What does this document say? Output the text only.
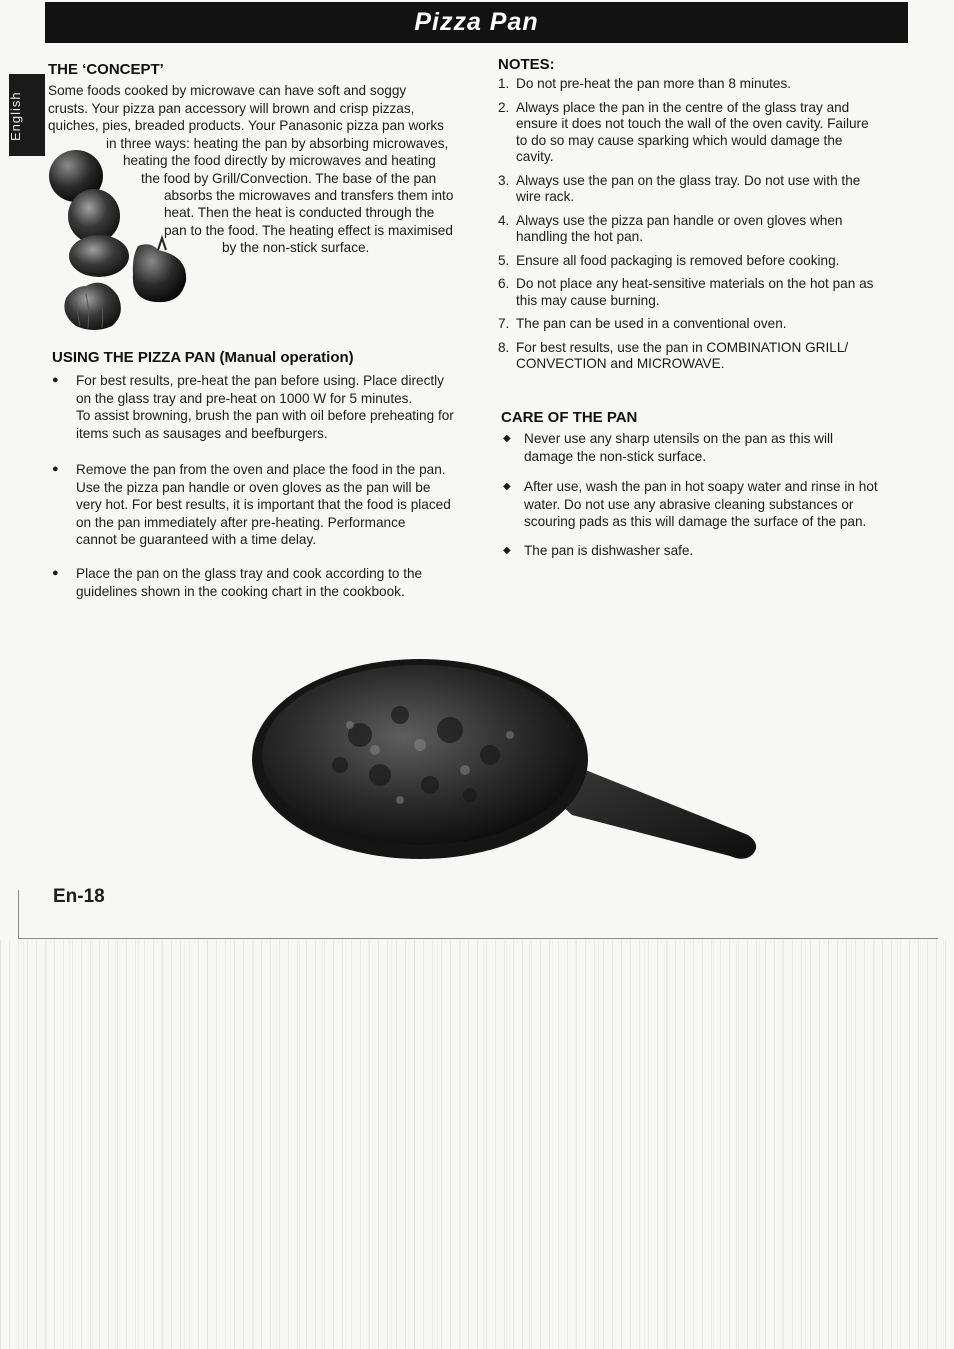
Pizza Pan
English
THE ‘CONCEPT’

Some foods cooked by microwave can have soft and soggy

crusts. Your pizza pan accessory will brown and crisp pizzas,

quiches, pies, breaded products. Your Panasonic pizza pan works

in three ways: heating the pan by absorbing microwaves,

heating the food directly by microwaves and heating

the food by Grill/Convection. The base of the pan

absorbs the microwaves and transfers them into

heat. Then the heat is conducted through the

pan to the food. The heating effect is maximised

by the non-stick surface.

USING THE PIZZA PAN (Manual operation)
● For best results, pre-heat the pan before using. Place directly
on the glass tray and pre-heat on 1000 W for 5 minutes.
To assist browning, brush the pan with oil before preheating for
items such as sausages and beefburgers.
● Remove the pan from the oven and place the food in the pan.
Use the pizza pan handle or oven gloves as the pan will be
very hot. For best results, it is important that the food is placed
on the pan immediately after pre-heating. Performance
cannot be guaranteed with a time delay.
● Place the pan on the glass tray and cook according to the
guidelines shown in the cooking chart in the cookbook.
NOTES:
1. Do not pre-heat the pan more than 8 minutes.
2. Always place the pan in the centre of the glass tray and
ensure it does not touch the wall of the oven cavity. Failure
to do so may cause sparking which would damage the
cavity.
3. Always use the pan on the glass tray. Do not use with the
wire rack.
4. Always use the pizza pan handle or oven gloves when
handling the hot pan.
5. Ensure all food packaging is removed before cooking.
6. Do not place any heat-sensitive materials on the hot pan as
this may cause burning.
7. The pan can be used in a conventional oven.
8. For best results, use the pan in COMBINATION GRILL/
CONVECTION and MICROWAVE.
CARE OF THE PAN
◆ Never use any sharp utensils on the pan as this will
damage the non-stick surface.
◆ After use, wash the pan in hot soapy water and rinse in hot
water. Do not use any abrasive cleaning substances or
scouring pads as this will damage the surface of the pan.
◆ The pan is dishwasher safe.

En-18
